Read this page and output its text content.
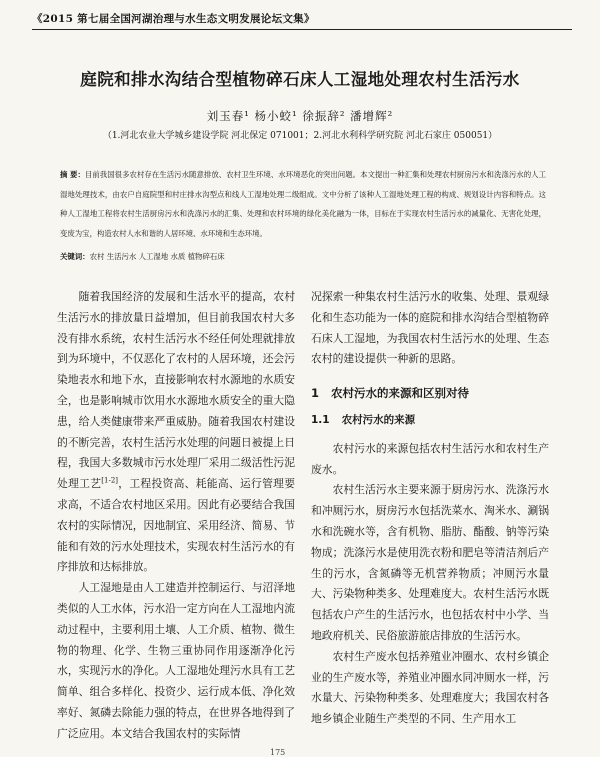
《2015 第七届全国河湖治理与水生态文明发展论坛文集》
庭院和排水沟结合型植物碎石床人工湿地处理农村生活污水
刘玉春¹ 杨小蛟¹ 徐振辞² 潘增辉²
（1.河北农业大学城乡建设学院 河北保定 071001；2.河北水利科学研究院 河北石家庄 050051）
摘 要：目前我国很多农村存在生活污水随意排放、农村卫生环境、水环境恶化的突出问题。本文提出一种汇集和处理农村厨房污水和洗涤污水的人工湿地处理技术，由农户自庭院型和村庄排水沟型点和线人工湿地处理二级组成。文中分析了该种人工湿地处理工程的构成、规划设计内容和特点。这种人工湿地工程将农村生活厨房污水和洗涤污水的汇集、处理和农村环境的绿化美化融为一体，目标在于实现农村生活污水的减量化、无害化处理，变废为宝，构造农村人水和谐的人居环境、水环境和生态环境。
关键词：农村 生活污水 人工湿地 水质 植物碎石床

随着我国经济的发展和生活水平的提高，农村生活污水的排放量日益增加，但目前我国农村大多没有排水系统，农村生活污水不经任何处理就排放到为环境中，不仅恶化了农村的人居环境，还会污染地表水和地下水，直接影响农村水源地的水质安全，也是影响城市饮用水水源地水质安全的重大隐患，给人类健康带来严重威胁。随着我国农村建设的不断完善，农村生活污水处理的问题日被提上日程，我国大多数城市污水处理厂采用二级活性污泥处理工艺[1-2]，工程投资高、耗能高、运行管理要求高，不适合农村地区采用。因此有必要结合我国农村的实际情况，因地制宜、采用经济、简易、节能和有效的污水处理技术，实现农村生活污水的有序排放和达标排放。

人工湿地是由人工建造并控制运行、与沼泽地类似的人工水体，污水沿一定方向在人工湿地内流动过程中，主要利用土壤、人工介质、植物、微生物的物理、化学、生物三重协同作用逐渐净化污水，实现污水的净化。人工湿地处理污水具有工艺简单、组合多样化、投资少、运行成本低、净化效率好、氮磷去除能力强的特点，在世界各地得到了广泛应用。本文结合我国农村的实际情

况探索一种集农村生活污水的收集、处理、景观绿化和生态功能为一体的庭院和排水沟结合型植物碎石床人工湿地，为我国农村生活污水的处理、生态农村的建设提供一种新的思路。

1 农村污水的来源和区别对待
1.1 农村污水的来源

农村污水的来源包括农村生活污水和农村生产废水。

农村生活污水主要来源于厨房污水、洗涤污水和冲厕污水，厨房污水包括洗菜水、淘米水、涮锅水和洗碗水等，含有机物、脂肪、酯酸、钠等污染物成；洗涤污水是使用洗衣粉和肥皂等清洁剂后产生的污水，含氮磷等无机营养物质；冲厕污水量大、污染物种类多、处理难度大。农村生活污水既包括农户产生的生活污水，也包括农村中小学、当地政府机关、民俗旅游旅店排放的生活污水。

农村生产废水包括养殖业冲圈水、农村乡镇企业的生产废水等，养殖业冲圈水同冲厕水一样，污水量大、污染物种类多、处理难度大；我国农村各地乡镇企业随生产类型的不同、生产用水工

175
